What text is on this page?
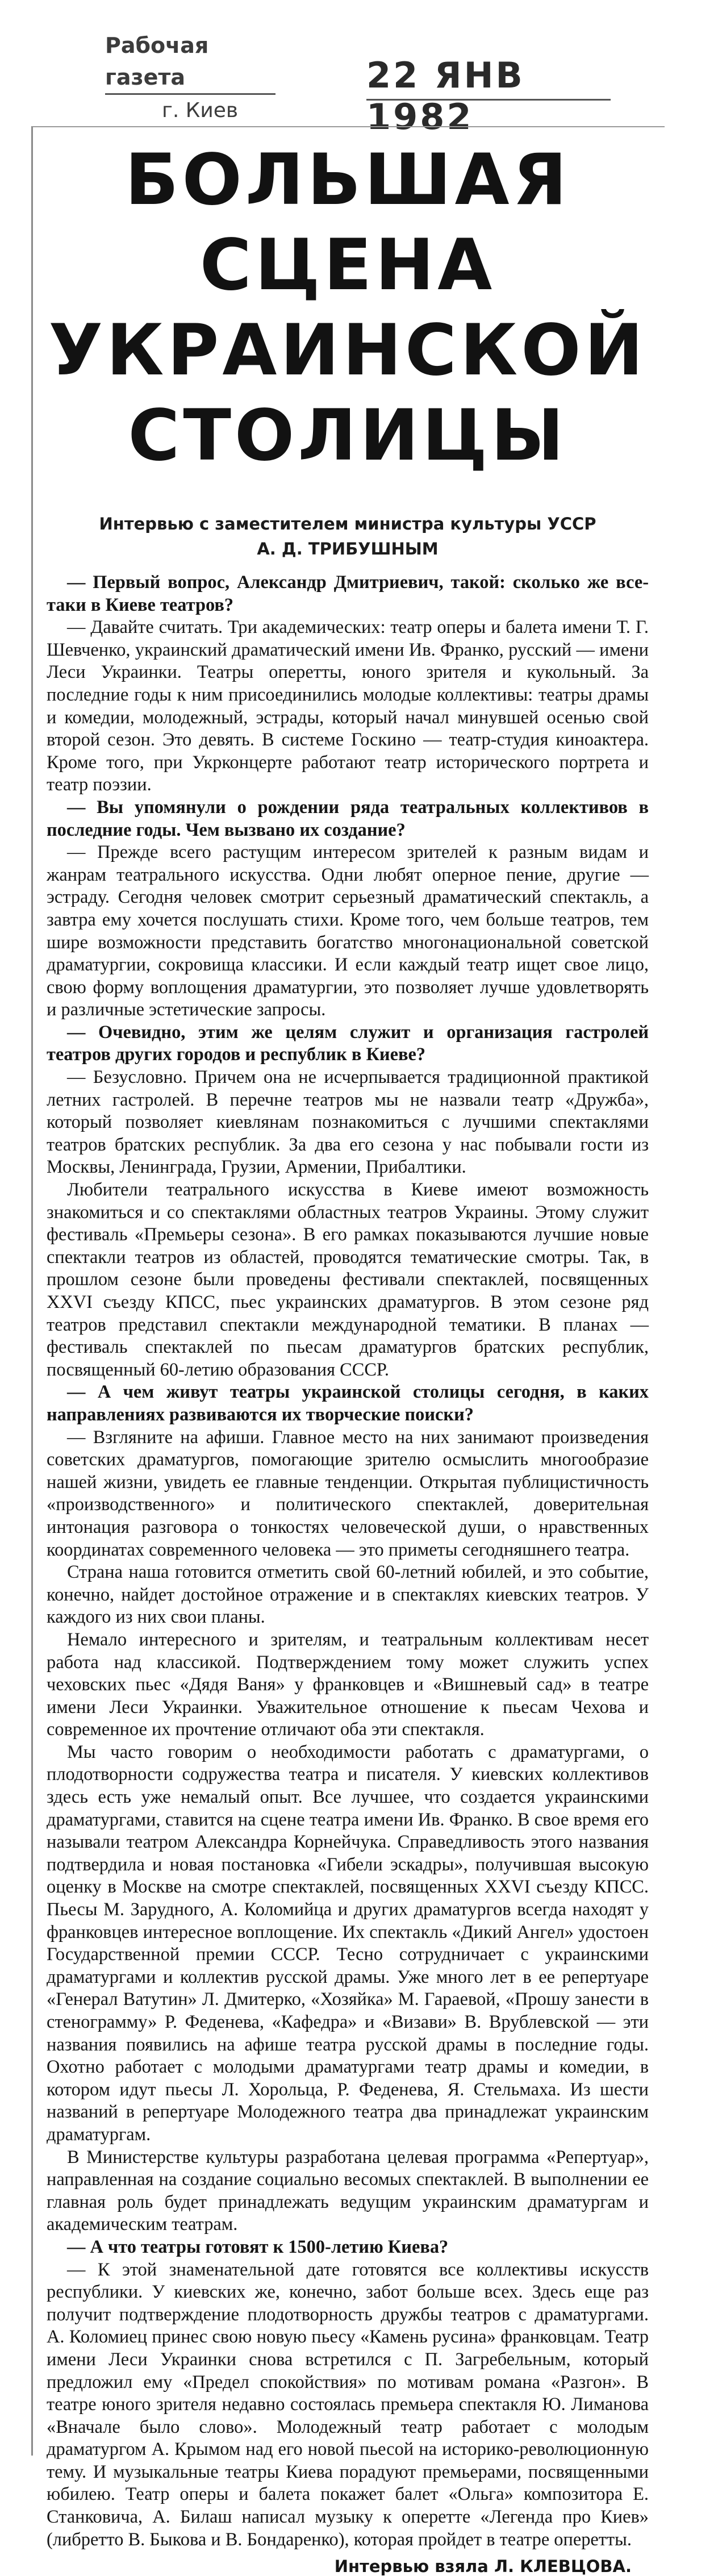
Рабочая газета
г. Киев
22 ЯНВ 1982
БОЛЬШАЯ СЦЕНА
УКРАИНСКОЙ СТОЛИЦЫ
Интервью с заместителем министра культуры УССР
А. Д. ТРИБУШНЫМ

— Первый вопрос, Александр Дмитриевич, такой: сколько же все-таки в Киеве театров?

— Давайте считать. Три академических: театр оперы и балета имени Т. Г. Шевченко, украинский драматический имени Ив. Франко, русский — имени Леси Украинки. Театры оперетты, юного зрителя и кукольный. За последние годы к ним присоединились молодые коллективы: театры драмы и комедии, молодежный, эстрады, который начал минувшей осенью свой второй сезон. Это девять. В системе Госкино — театр-студия киноактера. Кроме того, при Укрконцерте работают театр исторического портрета и театр поэзии.

— Вы упомянули о рождении ряда театральных коллективов в последние годы. Чем вызвано их создание?

— Прежде всего растущим интересом зрителей к разным видам и жанрам театрального искусства. Одни любят оперное пение, другие — эстраду. Сегодня человек смотрит серьезный драматический спектакль, а завтра ему хочется послушать стихи. Кроме того, чем больше театров, тем шире возможности представить богатство многонациональной советской драматургии, сокровища классики. И если каждый театр ищет свое лицо, свою форму воплощения драматургии, это позволяет лучше удовлетворять и различные эстетические запросы.

— Очевидно, этим же целям служит и организация гастролей театров других городов и республик в Киеве?

— Безусловно. Причем она не исчерпывается традиционной практикой летних гастролей. В перечне театров мы не назвали театр «Дружба», который позволяет киевлянам познакомиться с лучшими спектаклями театров братских республик. За два его сезона у нас побывали гости из Москвы, Ленинграда, Грузии, Армении, Прибалтики.

Любители театрального искусства в Киеве имеют возможность знакомиться и со спектаклями областных театров Украины. Этому служит фестиваль «Премьеры сезона». В его рамках показываются лучшие новые спектакли театров из областей, проводятся тематические смотры. Так, в прошлом сезоне были проведены фестивали спектаклей, посвященных XXVI съезду КПСС, пьес украинских драматургов. В этом сезоне ряд театров представил спектакли международной тематики. В планах — фестиваль спектаклей по пьесам драматургов братских республик, посвященный 60-летию образования СССР.

— А чем живут театры украинской столицы сегодня, в каких направлениях развиваются их творческие поиски?

— Взгляните на афиши. Главное место на них занимают произведения советских драматургов, помогающие зрителю осмыслить многообразие нашей жизни, увидеть ее главные тенденции. Открытая публицистичность «производственного» и политического спектаклей, доверительная интонация разговора о тонкостях человеческой души, о нравственных координатах современного человека — это приметы сегодняшнего театра.

Страна наша готовится отметить свой 60-летний юбилей, и это событие, конечно, найдет достойное отражение и в спектаклях киевских театров. У каждого из них свои планы.

Немало интересного и зрителям, и театральным коллективам несет работа над классикой. Подтверждением тому может служить успех чеховских пьес «Дядя Ваня» у франковцев и «Вишневый сад» в театре имени Леси Украинки. Уважительное отношение к пьесам Чехова и современное их прочтение отличают оба эти спектакля.

Мы часто говорим о необходимости работать с драматургами, о плодотворности содружества театра и писателя. У киевских коллективов здесь есть уже немалый опыт. Все лучшее, что создается украинскими драматургами, ставится на сцене театра имени Ив. Франко. В свое время его называли театром Александра Корнейчука. Справедливость этого названия подтвердила и новая постановка «Гибели эскадры», получившая высокую оценку в Москве на смотре спектаклей, посвященных XXVI съезду КПСС. Пьесы М. Зарудного, А. Коломийца и других драматургов всегда находят у франковцев интересное воплощение. Их спектакль «Дикий Ангел» удостоен Государственной премии СССР. Тесно сотрудничает с украинскими драматургами и коллектив русской драмы. Уже много лет в ее репертуаре «Генерал Ватутин» Л. Дмитерко, «Хозяйка» М. Гараевой, «Прошу занести в стенограмму» Р. Феденева, «Кафедра» и «Визави» В. Врублевской — эти названия появились на афише театра русской драмы в последние годы. Охотно работает с молодыми драматургами театр драмы и комедии, в котором идут пьесы Л. Хорольца, Р. Феденева, Я. Стельмаха. Из шести названий в репертуаре Молодежного театра два принадлежат украинским драматургам.

В Министерстве культуры разработана целевая программа «Репертуар», направленная на создание социально весомых спектаклей. В выполнении ее главная роль будет принадлежать ведущим украинским драматургам и академическим театрам.

— А что театры готовят к 1500-летию Киева?

— К этой знаменательной дате готовятся все коллективы искусств республики. У киевских же, конечно, забот больше всех. Здесь еще раз получит подтверждение плодотворность дружбы театров с драматургами. А. Коломиец принес свою новую пьесу «Камень русина» франковцам. Театр имени Леси Украинки снова встретился с П. Загребельным, который предложил ему «Предел спокойствия» по мотивам романа «Разгон». В театре юного зрителя недавно состоялась премьера спектакля Ю. Лиманова «Вначале было слово». Молодежный театр работает с молодым драматургом А. Крымом над его новой пьесой на историко-революционную тему. И музыкальные театры Киева порадуют премьерами, посвященными юбилею. Театр оперы и балета покажет балет «Ольга» композитора Е. Станковича, А. Билаш написал музыку к оперетте «Легенда про Киев» (либретто В. Быкова и В. Бондаренко), которая пройдет в театре оперетты.

Интервью взяла Л. КЛЕВЦОВА.
